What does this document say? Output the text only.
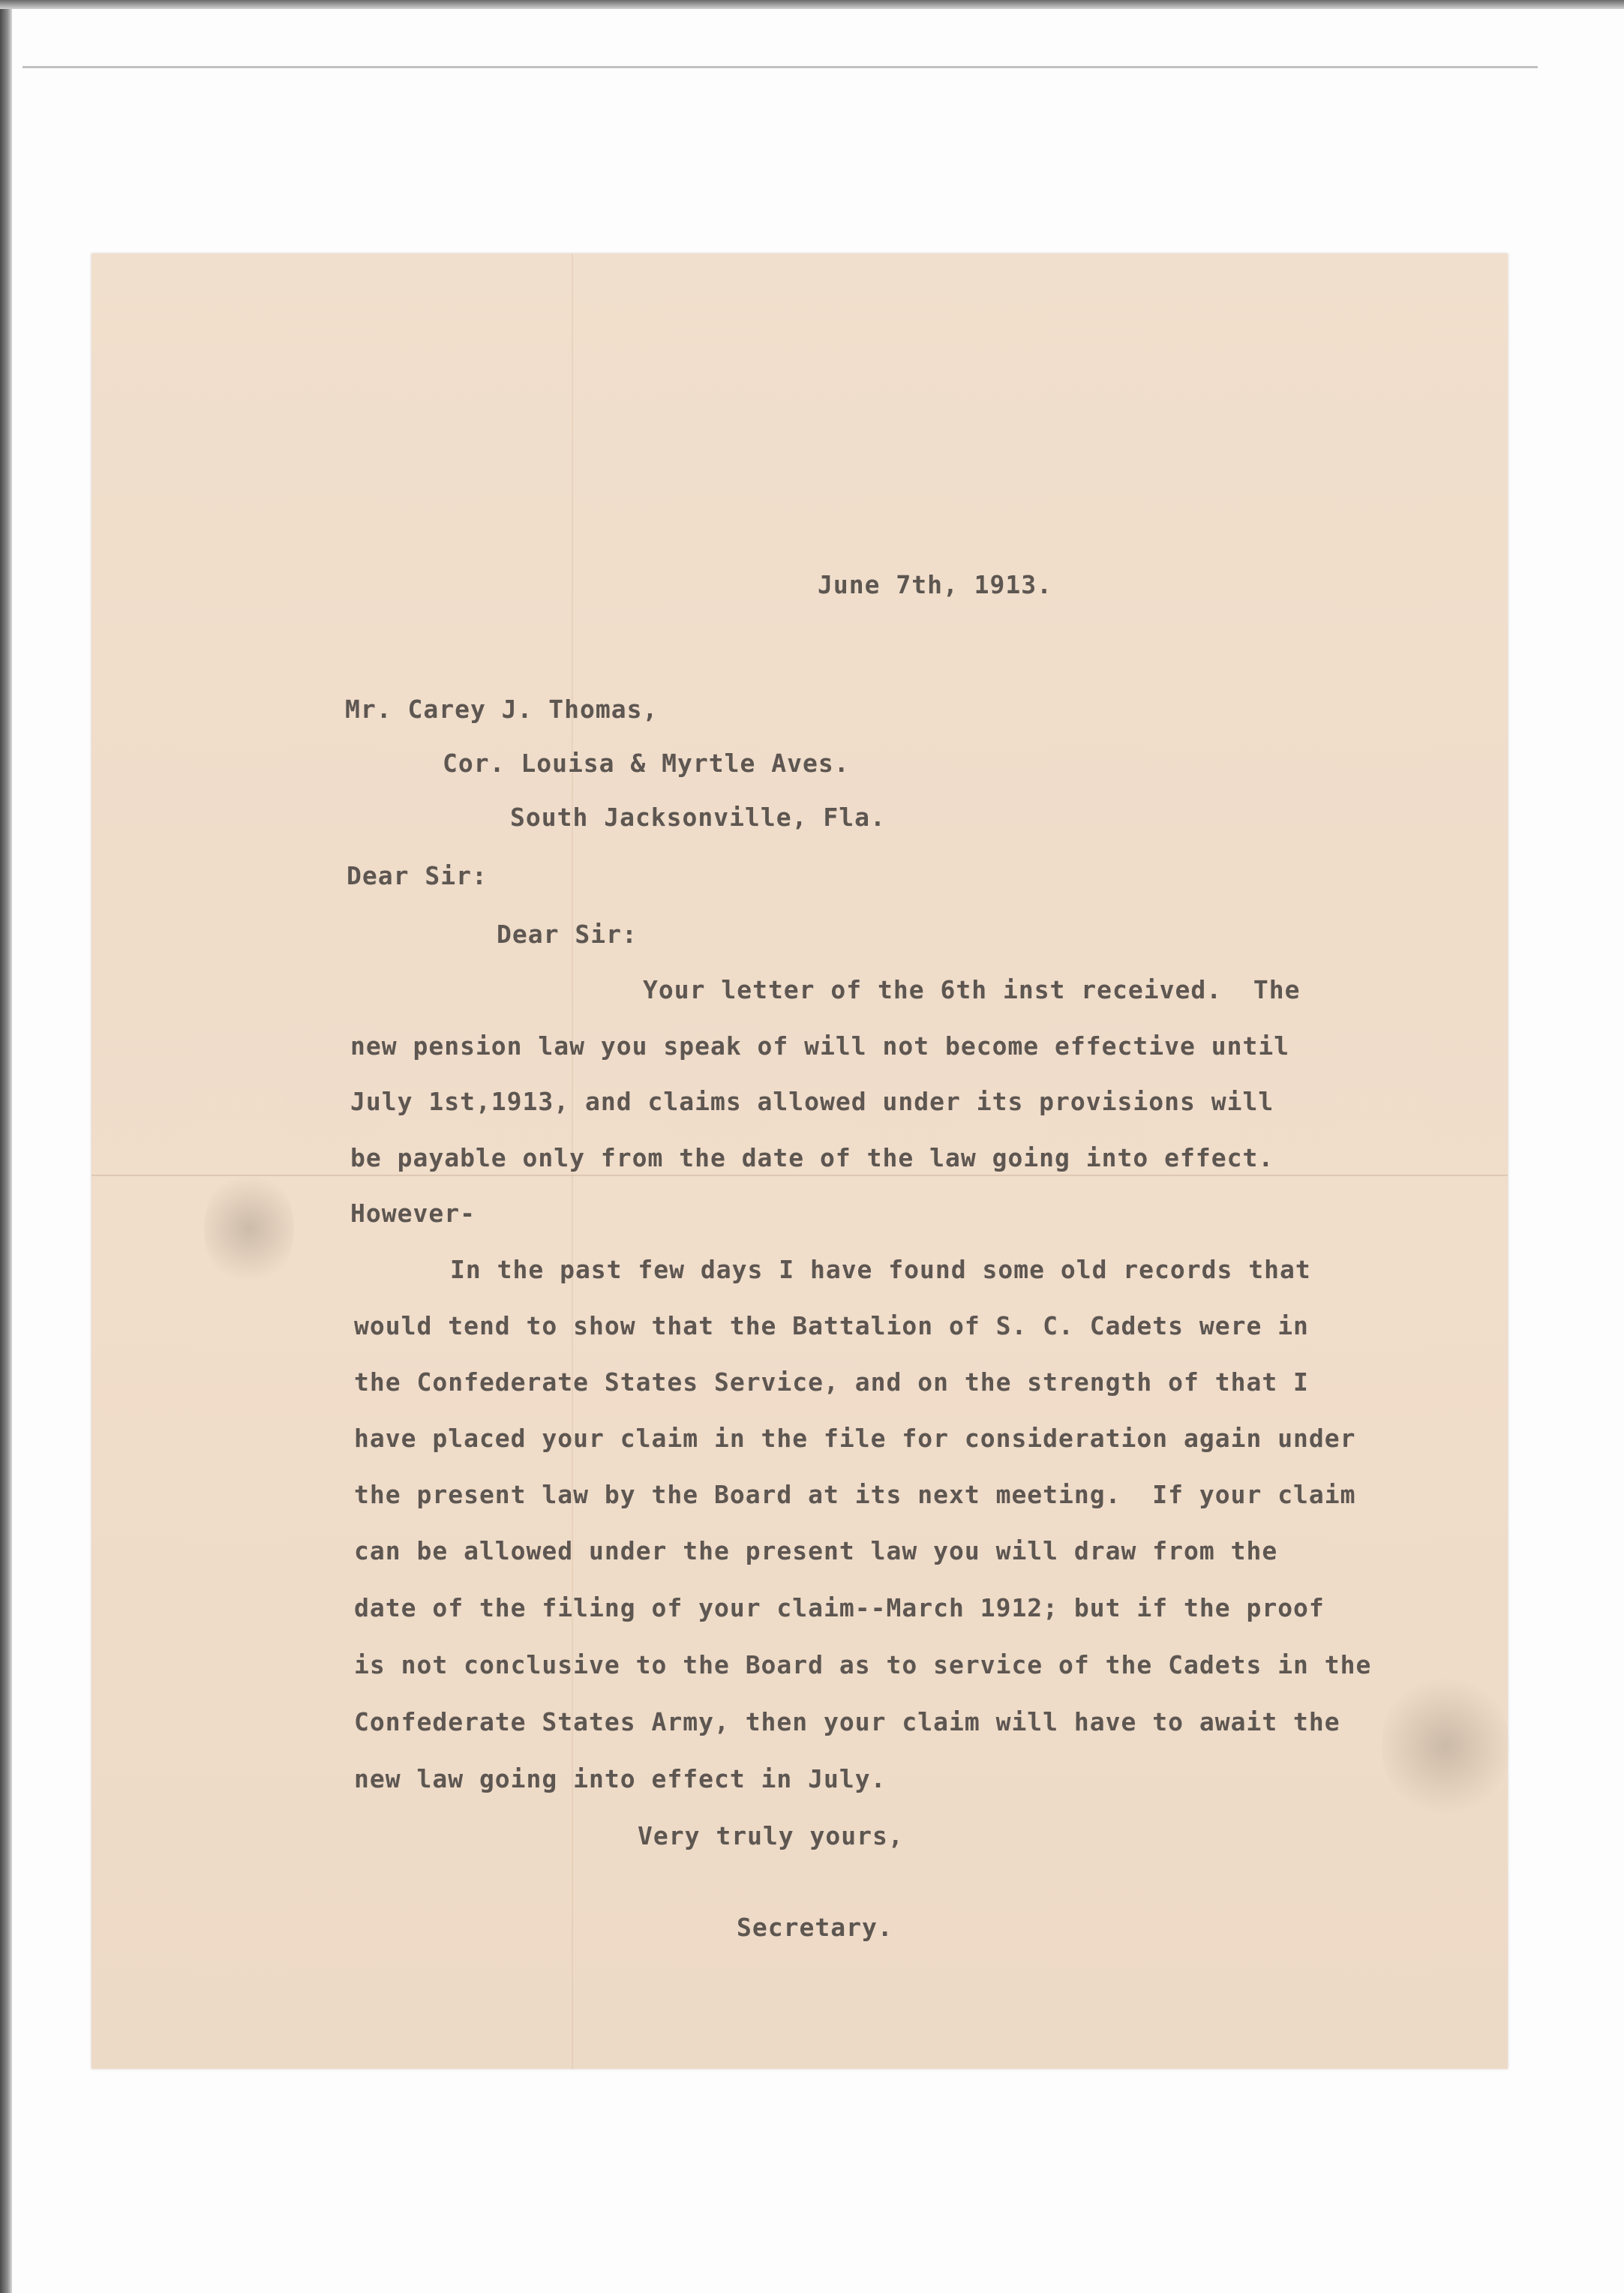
June 7th, 1913.

Mr. Carey J. Thomas,

Cor. Louisa & Myrtle Aves.

South Jacksonville, Fla.

Dear Sir:

Dear Sir:

Your letter of the 6th inst received.  The

new pension law you speak of will not become effective until

July 1st,1913, and claims allowed under its provisions will

be payable only from the date of the law going into effect.

However-

In the past few days I have found some old records that

would tend to show that the Battalion of S. C. Cadets were in

the Confederate States Service, and on the strength of that I

have placed your claim in the file for consideration again under

the present law by the Board at its next meeting.  If your claim

can be allowed under the present law you will draw from the

date of the filing of your claim--March 1912; but if the proof

is not conclusive to the Board as to service of the Cadets in the

Confederate States Army, then your claim will have to await the

new law going into effect in July.

Very truly yours,

Secretary.
